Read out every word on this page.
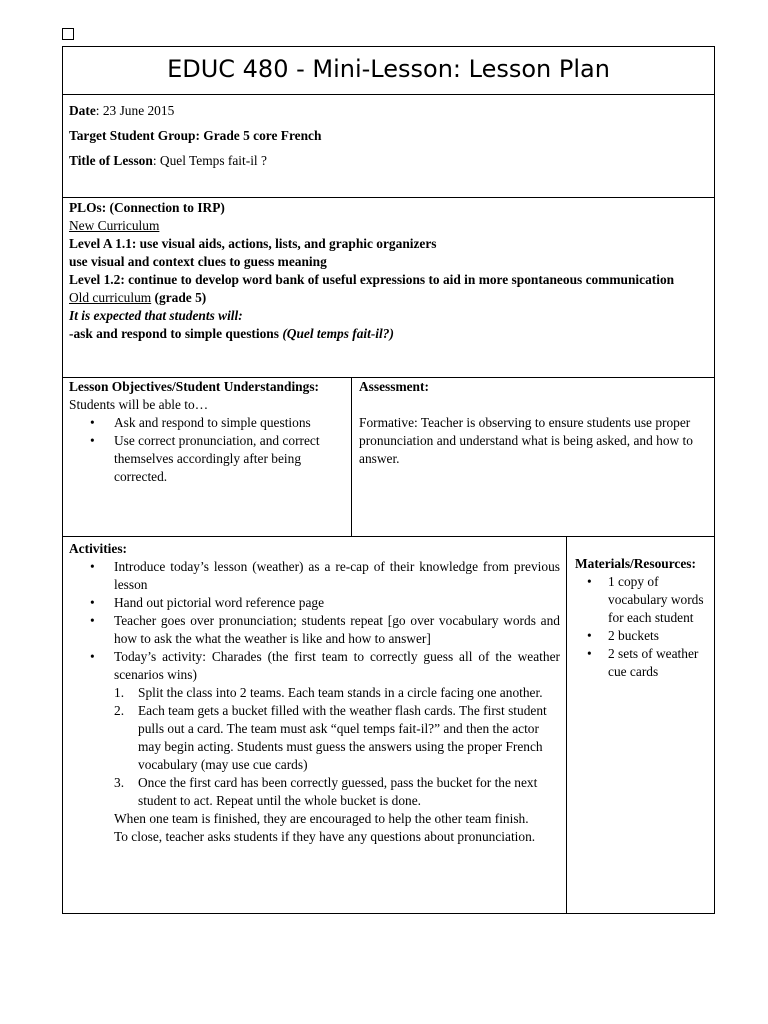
EDUC 480 - Mini-Lesson: Lesson Plan

Date: 23 June 2015

Target Student Group: Grade 5 core French

Title of Lesson: Quel Temps fait-il ?

PLOs: (Connection to IRP)

New Curriculum

Level A 1.1: use visual aids, actions, lists, and graphic organizers

use visual and context clues to guess meaning

Level 1.2: continue to develop word bank of useful expressions to aid in more spontaneous communication

Old curriculum (grade 5)

It is expected that students will:

-ask and respond to simple questions (Quel temps fait-il?)

Lesson Objectives/Student Understandings:

Students will be able to…

• Ask and respond to simple questions
• Use correct pronunciation, and correct themselves accordingly after being corrected.

Assessment:

Formative: Teacher is observing to ensure students use proper pronunciation and understand what is being asked, and how to answer.

Activities:

• Introduce today’s lesson (weather) as a re-cap of their knowledge from previous lesson
• Hand out pictorial word reference page
• Teacher goes over pronunciation; students repeat [go over vocabulary words and how to ask the what the weather is like and how to answer]
• Today’s activity: Charades (the first team to correctly guess all of the weather scenarios wins)
1. Split the class into 2 teams. Each team stands in a circle facing one another.
2. Each team gets a bucket filled with the weather flash cards. The first student pulls out a card. The team must ask “quel temps fait-il?” and then the actor may begin acting. Students must guess the answers using the proper French vocabulary (may use cue cards)
3. Once the first card has been correctly guessed, pass the bucket for the next student to act. Repeat until the whole bucket is done.

When one team is finished, they are encouraged to help the other team finish.

To close, teacher asks students if they have any questions about pronunciation.

Materials/Resources:

• 1 copy of vocabulary words for each student
• 2 buckets
• 2 sets of weather cue cards
